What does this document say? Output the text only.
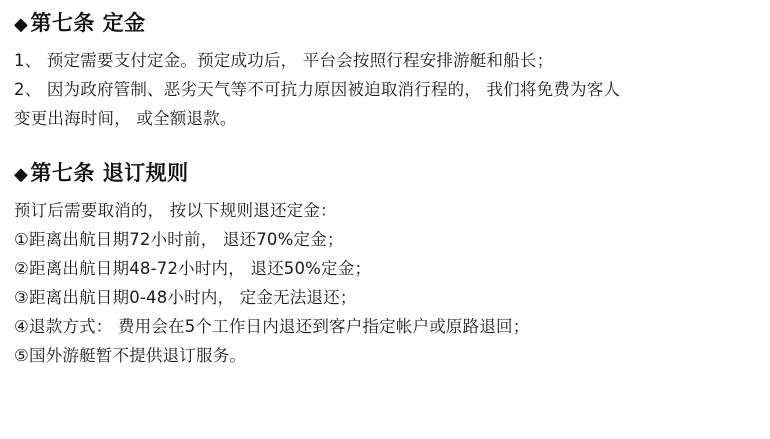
◆ 第七条 定金
1、 预定需要支付定金。预定成功后， 平台会按照行程安排游艇和船长；
2、 因为政府管制、恶劣天气等不可抗力原因被迫取消行程的， 我们将免费为客人
变更出海时间， 或全额退款。
◆ 第七条 退订规则
预订后需要取消的， 按以下规则退还定金：
①距离出航日期72小时前， 退还70%定金；
②距离出航日期48-72小时内， 退还50%定金；
③距离出航日期0-48小时内， 定金无法退还；
④退款方式： 费用会在5个工作日内退还到客户指定帐户或原路退回；
⑤国外游艇暂不提供退订服务。
